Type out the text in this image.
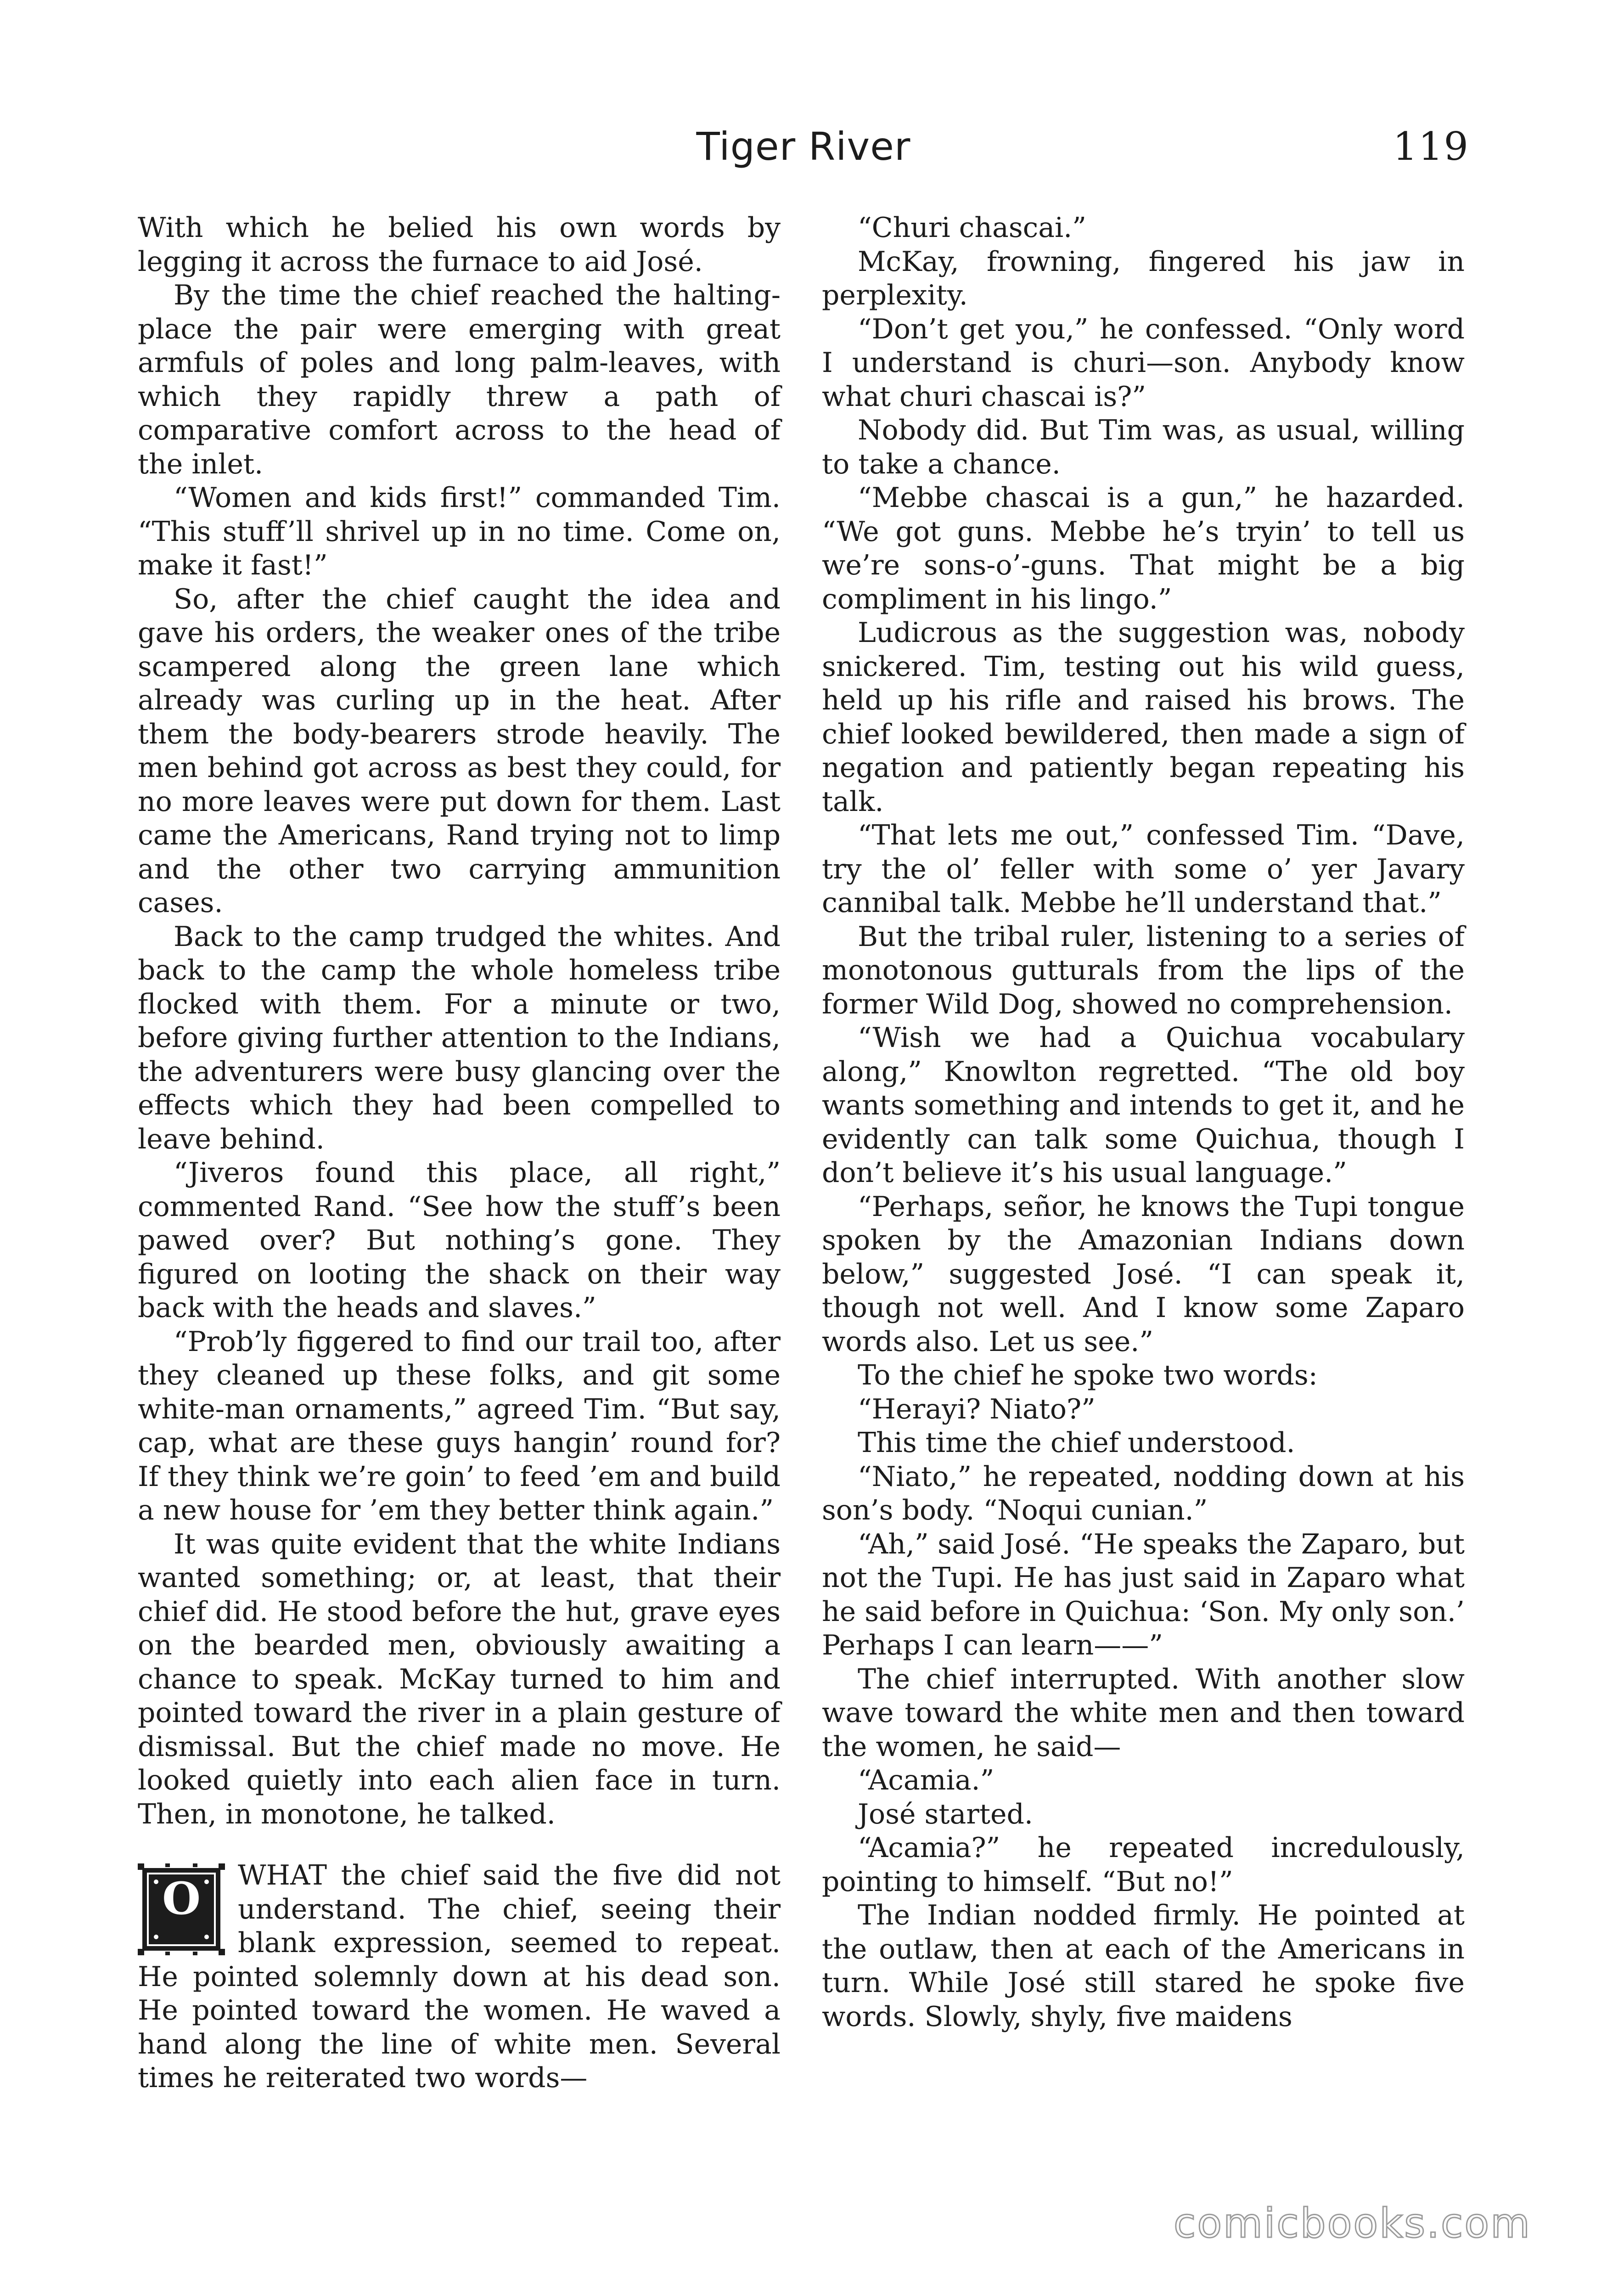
Tiger River	119

With which he belied his own words by legging it across the furnace to aid José.

By the time the chief reached the halting-place the pair were emerging with great armfuls of poles and long palm-leaves, with which they rapidly threw a path of comparative comfort across to the head of the inlet.

“Women and kids first!” commanded Tim. “This stuff’ll shrivel up in no time. Come on, make it fast!”

So, after the chief caught the idea and gave his orders, the weaker ones of the tribe scampered along the green lane which already was curling up in the heat. After them the body-bearers strode heavily. The men behind got across as best they could, for no more leaves were put down for them. Last came the Americans, Rand trying not to limp and the other two carrying ammunition cases.

Back to the camp trudged the whites. And back to the camp the whole homeless tribe flocked with them. For a minute or two, before giving further attention to the Indians, the adventurers were busy glancing over the effects which they had been compelled to leave behind.

“Jiveros found this place, all right,” commented Rand. “See how the stuff’s been pawed over? But nothing’s gone. They figured on looting the shack on their way back with the heads and slaves.”

“Prob’ly figgered to find our trail too, after they cleaned up these folks, and git some white-man ornaments,” agreed Tim. “But say, cap, what are these guys hangin’ round for? If they think we’re goin’ to feed ’em and build a new house for ’em they better think again.”

It was quite evident that the white Indians wanted something; or, at least, that their chief did. He stood before the hut, grave eyes on the bearded men, obviously awaiting a chance to speak. McKay turned to him and pointed toward the river in a plain gesture of dismissal. But the chief made no move. He looked quietly into each alien face in turn. Then, in monotone, he talked.

O	WHAT the chief said the five did not understand. The chief, seeing their blank expression, seemed to repeat. He pointed solemnly down at his dead son. He pointed toward the women. He waved a hand along the line of white men. Several times he reiterated two words—

“Churi chascai.”

McKay, frowning, fingered his jaw in perplexity.

“Don’t get you,” he confessed. “Only word I understand is churi—son. Anybody know what churi chascai is?”

Nobody did. But Tim was, as usual, willing to take a chance.

“Mebbe chascai is a gun,” he hazarded. “We got guns. Mebbe he’s tryin’ to tell us we’re sons-o’-guns. That might be a big compliment in his lingo.”

Ludicrous as the suggestion was, nobody snickered. Tim, testing out his wild guess, held up his rifle and raised his brows. The chief looked bewildered, then made a sign of negation and patiently began repeating his talk.

“That lets me out,” confessed Tim. “Dave, try the ol’ feller with some o’ yer Javary cannibal talk. Mebbe he’ll understand that.”

But the tribal ruler, listening to a series of monotonous gutturals from the lips of the former Wild Dog, showed no comprehension.

“Wish we had a Quichua vocabulary along,” Knowlton regretted. “The old boy wants something and intends to get it, and he evidently can talk some Quichua, though I don’t believe it’s his usual language.”

“Perhaps, señor, he knows the Tupi tongue spoken by the Amazonian Indians down below,” suggested José. “I can speak it, though not well. And I know some Zaparo words also. Let us see.”

To the chief he spoke two words:

“Herayi? Niato?”

This time the chief understood.

“Niato,” he repeated, nodding down at his son’s body. “Noqui cunian.”

“Ah,” said José. “He speaks the Zaparo, but not the Tupi. He has just said in Zaparo what he said before in Quichua: ‘Son. My only son.’ Perhaps I can learn——”

The chief interrupted. With another slow wave toward the white men and then toward the women, he said—

“Acamia.”

José started.

“Acamia?” he repeated incredulously, pointing to himself. “But no!”

The Indian nodded firmly. He pointed at the outlaw, then at each of the Americans in turn. While José still stared he spoke five words. Slowly, shyly, five maidens

comicbooks.com
